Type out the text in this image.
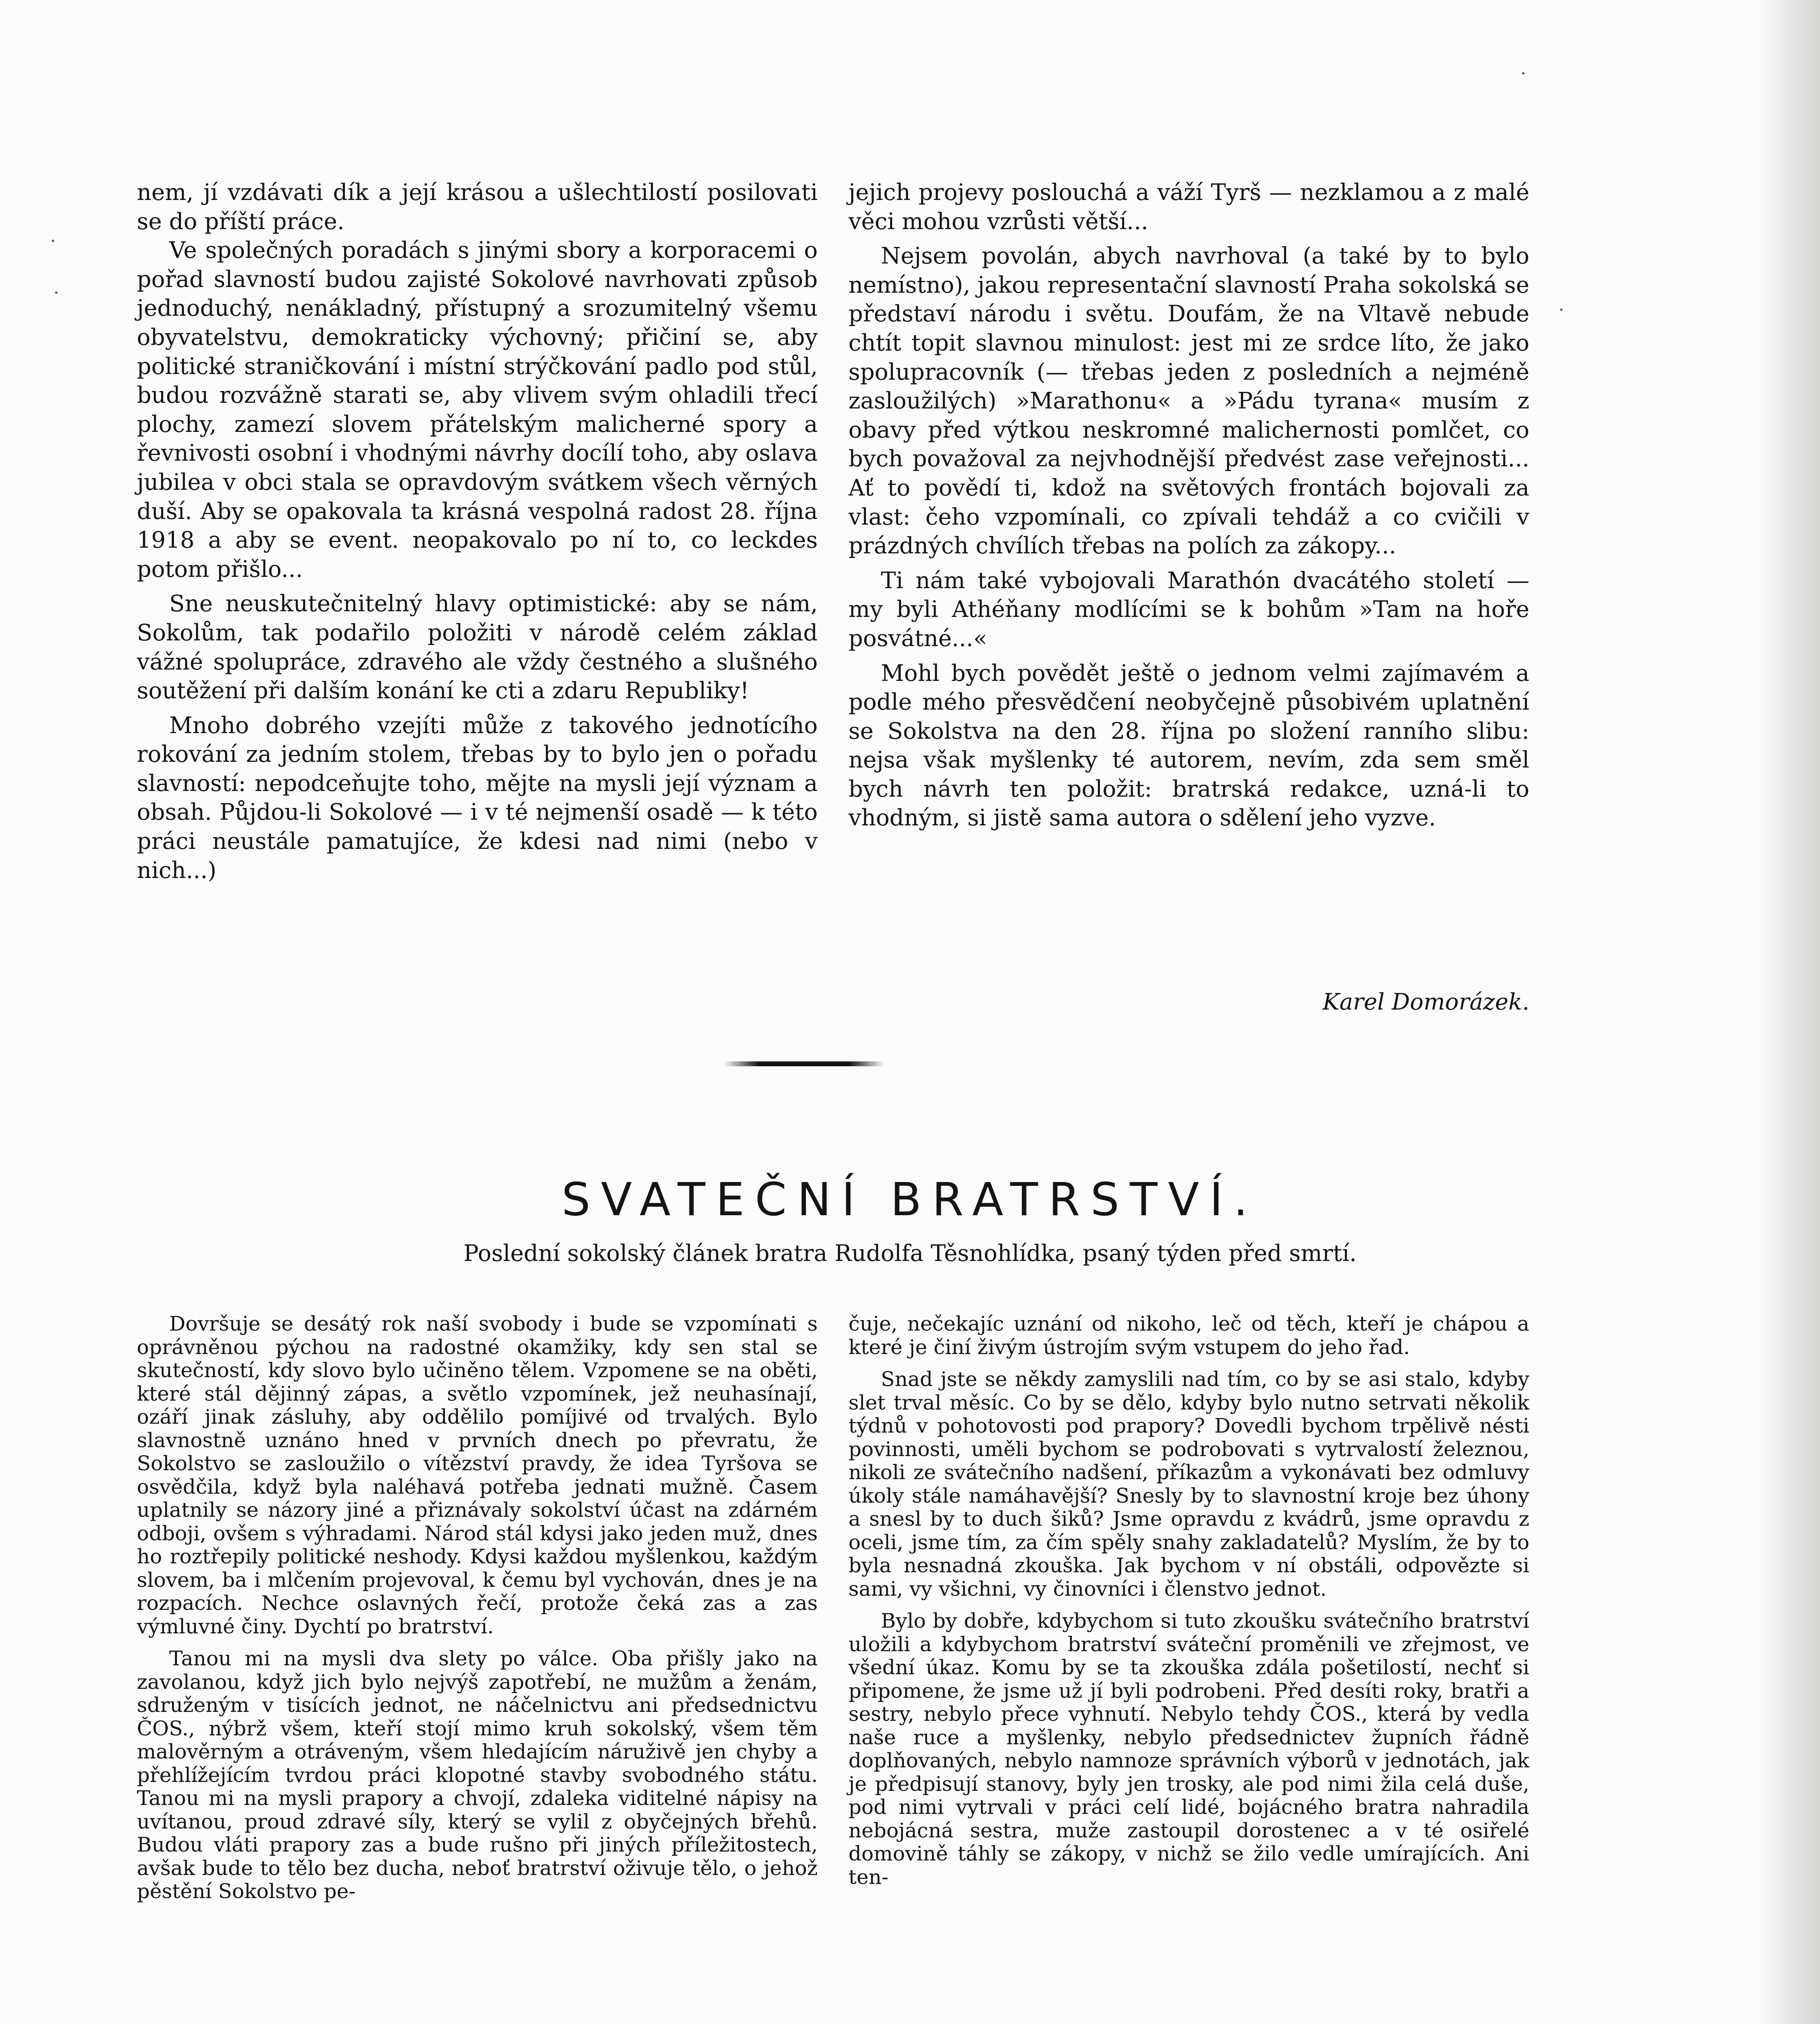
nem, jí vzdávati dík a její krásou a ušlechtilostí posilovati se do příští práce.

Ve společných poradách s jinými sbory a korporacemi o pořad slavností budou zajisté Sokolové navrhovati způsob jednoduchý, nenákladný, přístupný a srozumitelný všemu obyvatelstvu, demokraticky výchovný; přičiní se, aby politické straničkování i místní strýčkování padlo pod stůl, budou rozvážně starati se, aby vlivem svým ohladili třecí plochy, zamezí slovem přátelským malicherné spory a řevnivosti osobní i vhodnými návrhy docílí toho, aby oslava jubilea v obci stala se opravdovým svátkem všech věrných duší. Aby se opakovala ta krásná vespolná radost 28. října 1918 a aby se event. neopakovalo po ní to, co leckdes potom přišlo...

Sne neuskutečnitelný hlavy optimistické: aby se nám, Sokolům, tak podařilo položiti v národě celém základ vážné spolupráce, zdravého ale vždy čestného a slušného soutěžení při dalším konání ke cti a zdaru Republiky!

Mnoho dobrého vzejíti může z takového jednotícího rokování za jedním stolem, třebas by to bylo jen o pořadu slavností: nepodceňujte toho, mějte na mysli její význam a obsah. Půjdou-li Sokolové — i v té nejmenší osadě — k této práci neustále pamatujíce, že kdesi nad nimi (nebo v nich...)

jejich projevy poslouchá a váží Tyrš — nezklamou a z malé věci mohou vzrůsti větší...

Nejsem povolán, abych navrhoval (a také by to bylo nemístno), jakou representační slavností Praha sokolská se představí národu i světu. Doufám, že na Vltavě nebude chtít topit slavnou minulost: jest mi ze srdce líto, že jako spolupracovník (— třebas jeden z posledních a nejméně zasloužilých) »Marathonu« a »Pádu tyrana« musím z obavy před výtkou neskromné malichernosti pomlčet, co bych považoval za nejvhodnější předvést zase veřejnosti... Ať to povědí ti, kdož na světových frontách bojovali za vlast: čeho vzpomínali, co zpívali tehdáž a co cvičili v prázdných chvílích třebas na polích za zákopy...

Ti nám také vybojovali Marathón dvacátého století — my byli Athéňany modlícími se k bohům »Tam na hoře posvátné...«

Mohl bych povědět ještě o jednom velmi zajímavém a podle mého přesvědčení neobyčejně působivém uplatnění se Sokolstva na den 28. října po složení ranního slibu: nejsa však myšlenky té autorem, nevím, zda sem směl bych návrh ten položit: bratrská redakce, uzná-li to vhodným, si jistě sama autora o sdělení jeho vyzve.

Karel Domorázek.
SVATEČNÍ BRATRSTVÍ.
Poslední sokolský článek bratra Rudolfa Těsnohlídka, psaný týden před smrtí.

Dovršuje se desátý rok naší svobody i bude se vzpomínati s oprávněnou pýchou na radostné okamžiky, kdy sen stal se skutečností, kdy slovo bylo učiněno tělem. Vzpomene se na oběti, které stál dějinný zápas, a světlo vzpomínek, jež neuhasínají, ozáří jinak zásluhy, aby oddělilo pomíjivé od trvalých. Bylo slavnostně uznáno hned v prvních dnech po převratu, že Sokolstvo se zasloužilo o vítězství pravdy, že idea Tyršova se osvědčila, když byla naléhavá potřeba jednati mužně. Časem uplatnily se názory jiné a přiznávaly sokolství účast na zdárném odboji, ovšem s výhradami. Národ stál kdysi jako jeden muž, dnes ho roztřepily politické neshody. Kdysi každou myšlenkou, každým slovem, ba i mlčením projevoval, k čemu byl vychován, dnes je na rozpacích. Nechce oslavných řečí, protože čeká zas a zas výmluvné činy. Dychtí po bratrství.

Tanou mi na mysli dva slety po válce. Oba přišly jako na zavolanou, když jich bylo nejvýš zapotřebí, ne mužům a ženám, sdruženým v tisících jednot, ne náčelnictvu ani předsednictvu ČOS., nýbrž všem, kteří stojí mimo kruh sokolský, všem těm malověrným a otráveným, všem hledajícím náruživě jen chyby a přehlížejícím tvrdou práci klopotné stavby svobodného státu. Tanou mi na mysli prapory a chvojí, zdaleka viditelné nápisy na uvítanou, proud zdravé síly, který se vylil z obyčejných břehů. Budou vláti prapory zas a bude rušno při jiných příležitostech, avšak bude to tělo bez ducha, neboť bratrství oživuje tělo, o jehož pěstění Sokolstvo pe-

čuje, nečekajíc uznání od nikoho, leč od těch, kteří je chápou a které je činí živým ústrojím svým vstupem do jeho řad.

Snad jste se někdy zamyslili nad tím, co by se asi stalo, kdyby slet trval měsíc. Co by se dělo, kdyby bylo nutno setrvati několik týdnů v pohotovosti pod prapory? Dovedli bychom trpělivě nésti povinnosti, uměli bychom se podrobovati s vytrvalostí železnou, nikoli ze svátečního nadšení, příkazům a vykonávati bez odmluvy úkoly stále namáhavější? Snesly by to slavnostní kroje bez úhony a snesl by to duch šiků? Jsme opravdu z kvádrů, jsme opravdu z oceli, jsme tím, za čím spěly snahy zakladatelů? Myslím, že by to byla nesnadná zkouška. Jak bychom v ní obstáli, odpovězte si sami, vy všichni, vy činovníci i členstvo jednot.

Bylo by dobře, kdybychom si tuto zkoušku svátečního bratrství uložili a kdybychom bratrství sváteční proměnili ve zřejmost, ve všední úkaz. Komu by se ta zkouška zdála pošetilostí, nechť si připomene, že jsme už jí byli podrobeni. Před desíti roky, bratři a sestry, nebylo přece vyhnutí. Nebylo tehdy ČOS., která by vedla naše ruce a myšlenky, nebylo předsednictev župních řádně doplňovaných, nebylo namnoze správních výborů v jednotách, jak je předpisují stanovy, byly jen trosky, ale pod nimi žila celá duše, pod nimi vytrvali v práci celí lidé, bojácného bratra nahradila nebojácná sestra, muže zastoupil dorostenec a v té osiřelé domovině táhly se zákopy, v nichž se žilo vedle umírajících. Ani ten-
